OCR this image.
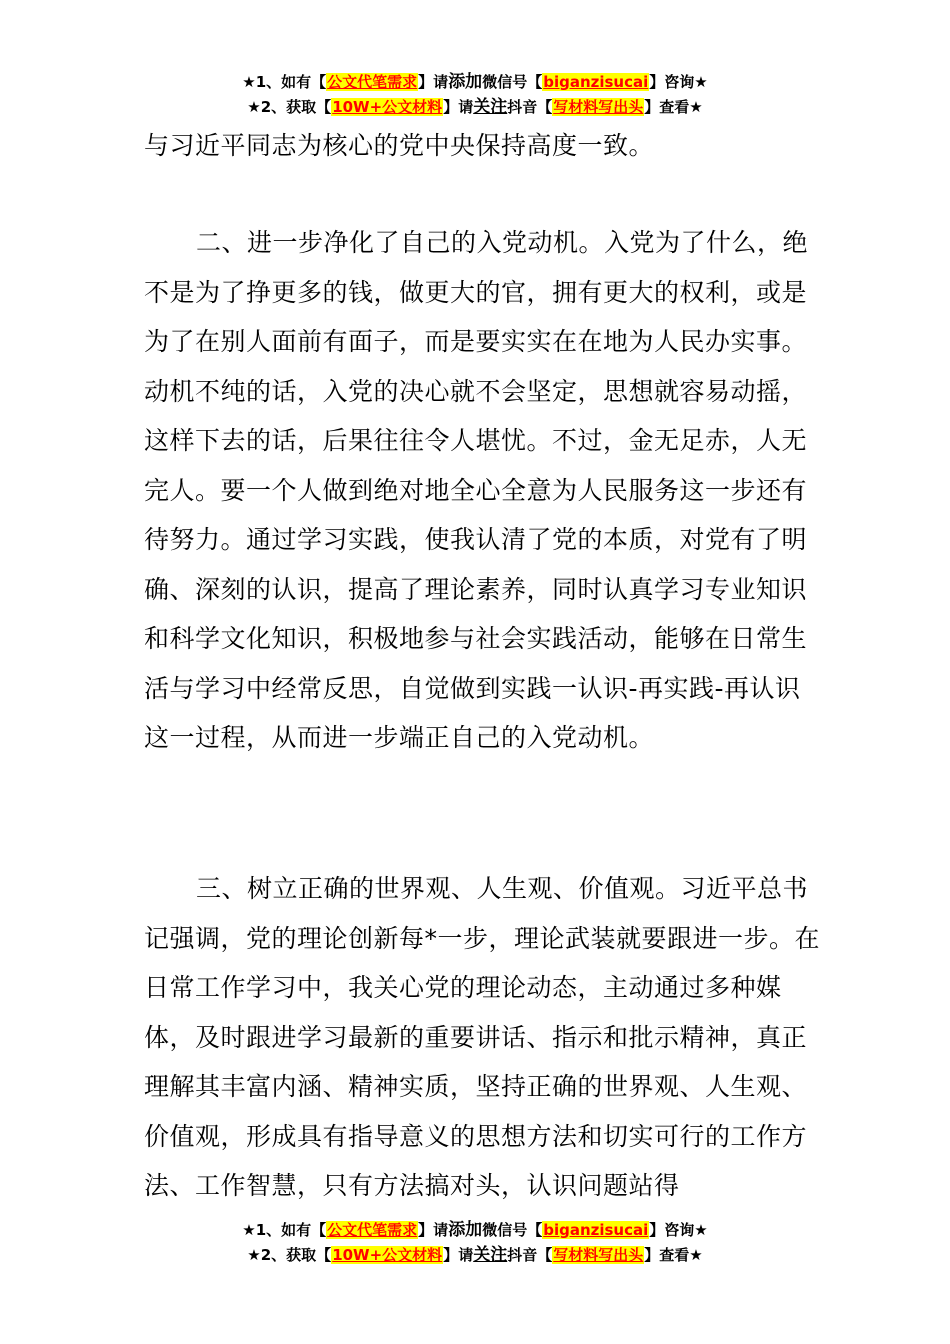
★1、如有【公文代笔需求】请添加微信号【biganzisucai】咨询★
★2、获取【10W+公文材料】请关注抖音【写材料写出头】查看★

与习近平同志为核心的党中央保持高度一致。

二、进一步净化了自己的入党动机。入党为了什么，绝不是为了挣更多的钱，做更大的官，拥有更大的权利，或是为了在别人面前有面子，而是要实实在在地为人民办实事。动机不纯的话，入党的决心就不会坚定，思想就容易动摇，这样下去的话，后果往往令人堪忧。不过，金无足赤，人无完人。要一个人做到绝对地全心全意为人民服务这一步还有待努力。通过学习实践，使我认清了党的本质，对党有了明确、深刻的认识，提高了理论素养，同时认真学习专业知识和科学文化知识，积极地参与社会实践活动，能够在日常生活与学习中经常反思，自觉做到实践一认识-再实践-再认识这一过程，从而进一步端正自己的入党动机。

三、树立正确的世界观、人生观、价值观。习近平总书记强调，党的理论创新每*一步，理论武装就要跟进一步。在日常工作学习中，我关心党的理论动态，主动通过多种媒体，及时跟进学习最新的重要讲话、指示和批示精神，真正理解其丰富内涵、精神实质，坚持正确的世界观、人生观、价值观，形成具有指导意义的思想方法和切实可行的工作方法、工作智慧，只有方法搞对头，认识问题站得

★1、如有【公文代笔需求】请添加微信号【biganzisucai】咨询★
★2、获取【10W+公文材料】请关注抖音【写材料写出头】查看★
